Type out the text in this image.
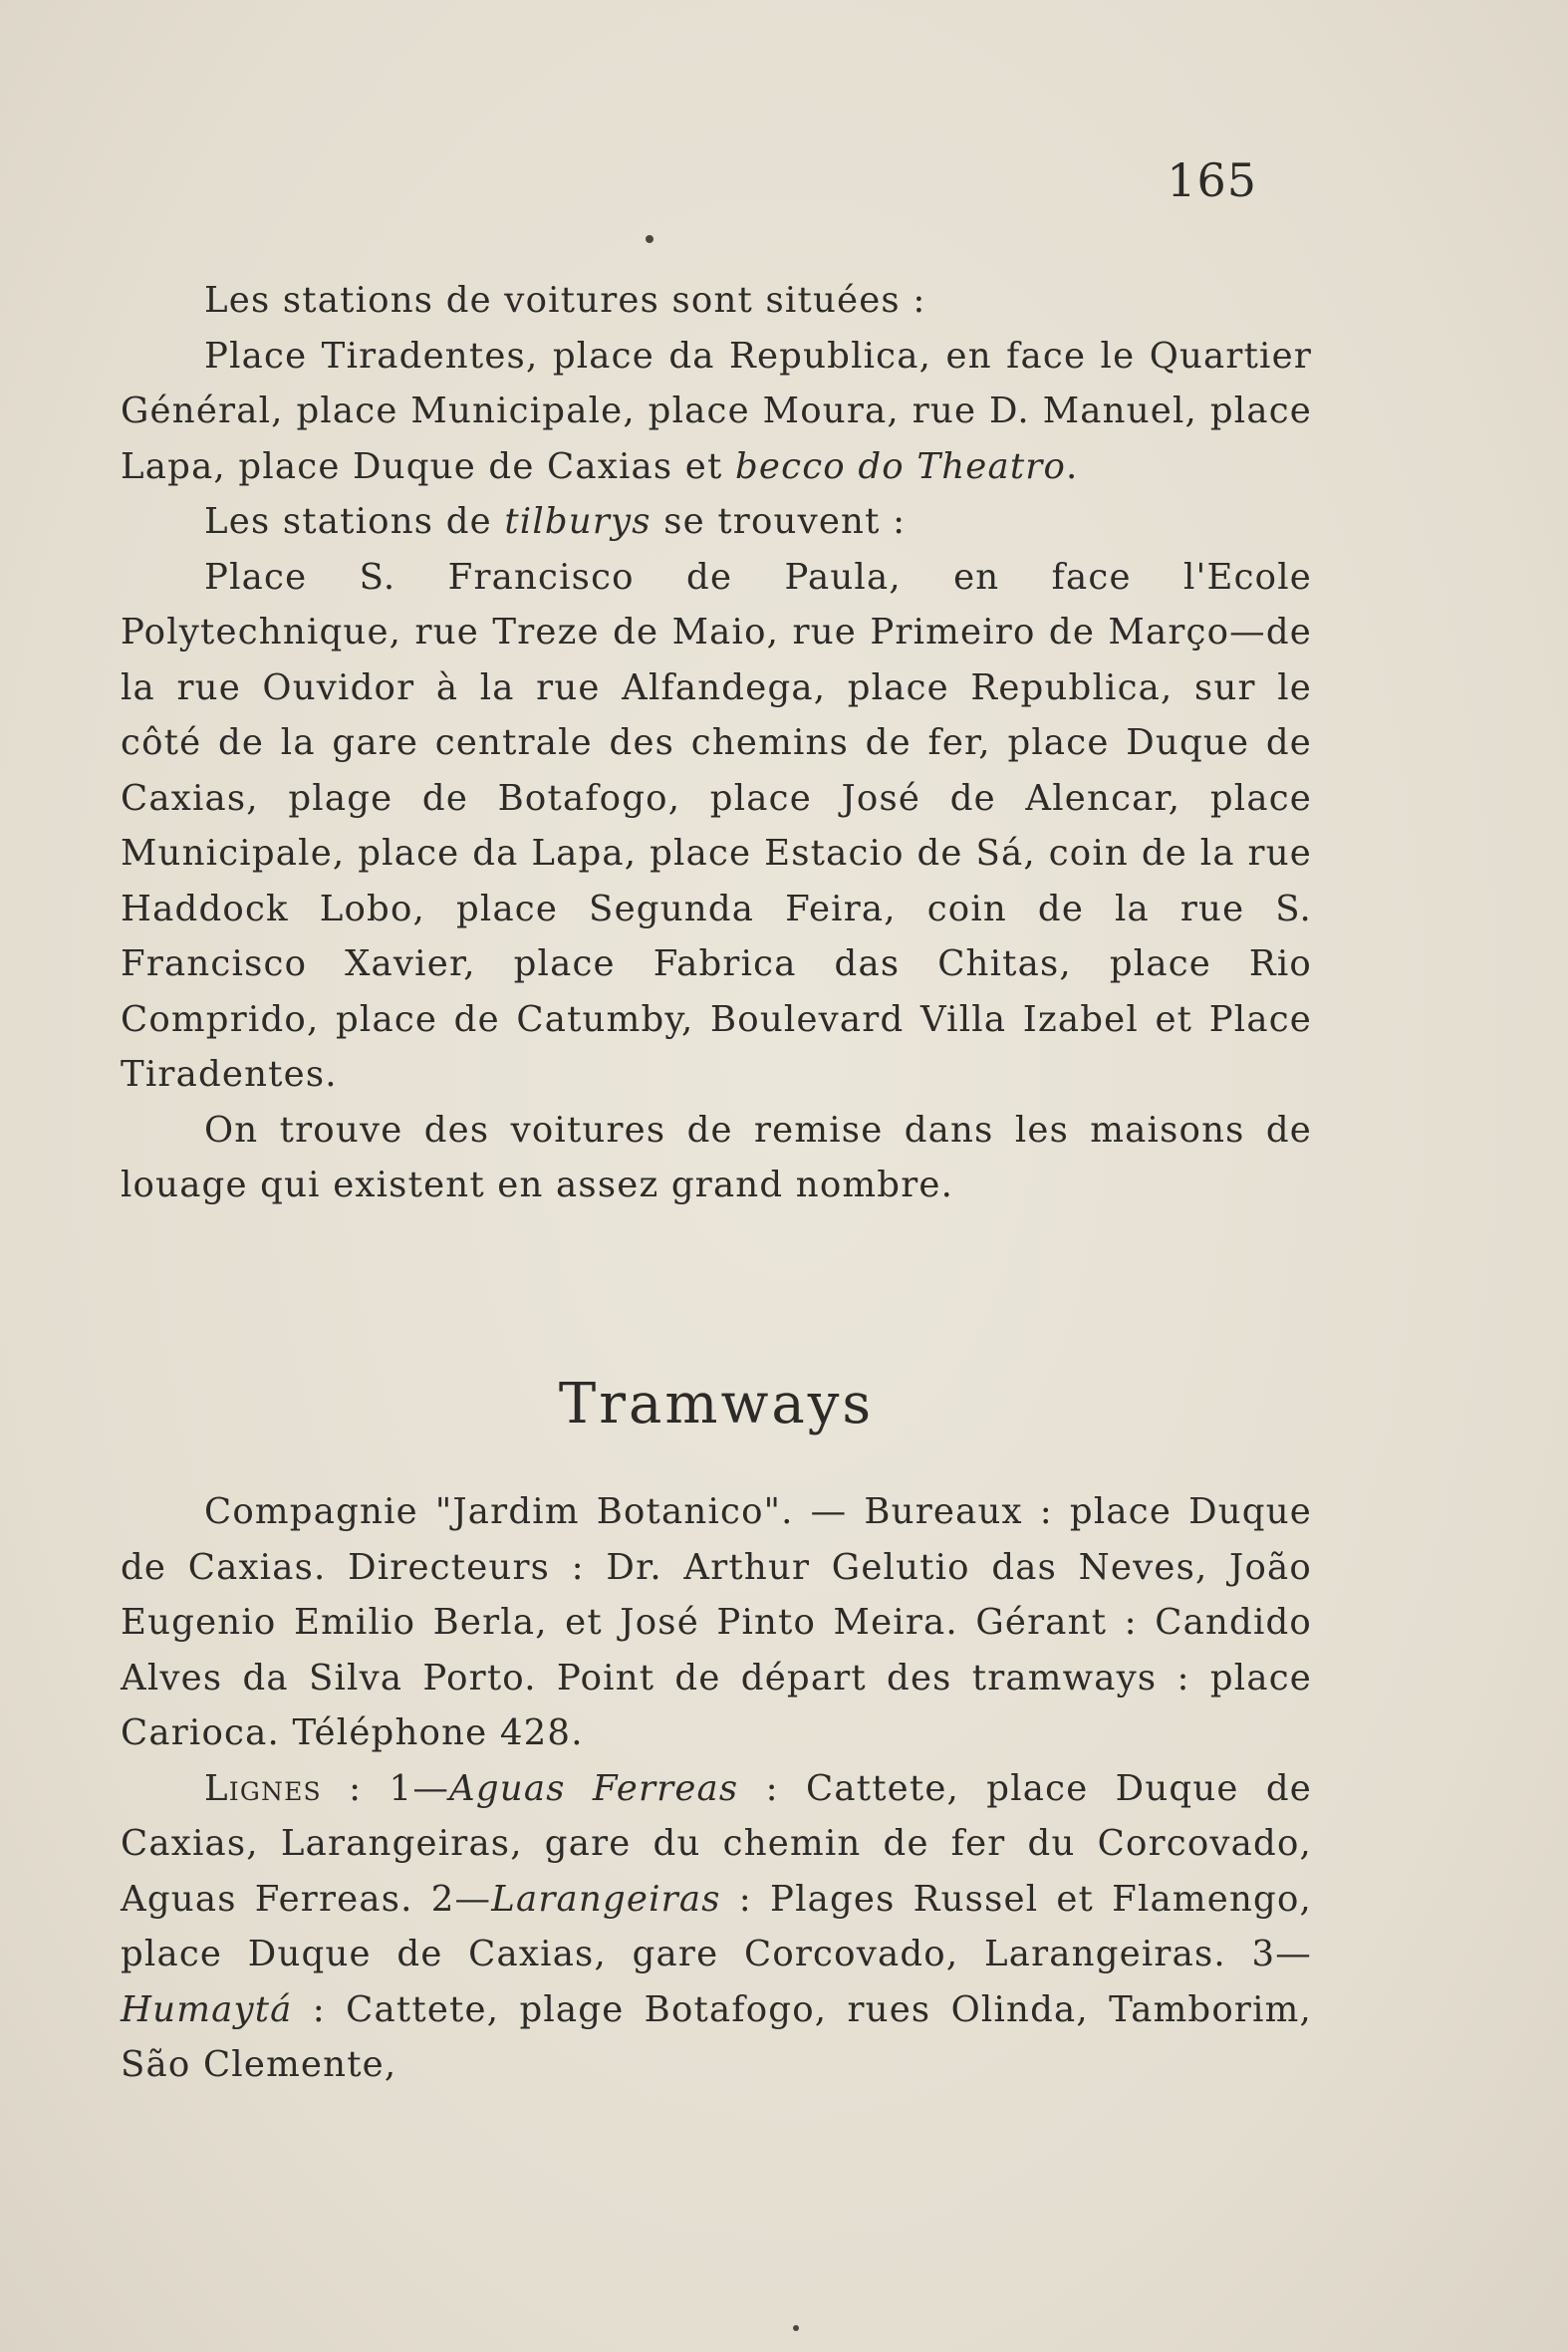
165

Les stations de voitures sont situées :

Place Tiradentes, place da Republica, en face le Quartier Général, place Municipale, place Moura, rue D. Manuel, place Lapa, place Duque de Caxias et becco do Theatro.

Les stations de tilburys se trouvent :

Place S. Francisco de Paula, en face l'Ecole Polytechnique, rue Treze de Maio, rue Primeiro de Março—de la rue Ouvidor à la rue Alfandega, place Republica, sur le côté de la gare centrale des chemins de fer, place Duque de Caxias, plage de Botafogo, place José de Alencar, place Municipale, place da Lapa, place Estacio de Sá, coin de la rue Haddock Lobo, place Segunda Feira, coin de la rue S. Francisco Xavier, place Fabrica das Chitas, place Rio Comprido, place de Catumby, Boulevard Villa Izabel et Place Tiradentes.

On trouve des voitures de remise dans les maisons de louage qui existent en assez grand nombre.

Tramways

Compagnie "Jardim Botanico". — Bureaux : place Duque de Caxias. Directeurs : Dr. Arthur Gelutio das Neves, João Eugenio Emilio Berla, et José Pinto Meira. Gérant : Candido Alves da Silva Porto. Point de départ des tramways : place Carioca. Téléphone 428.

Lignes : 1—Aguas Ferreas : Cattete, place Duque de Caxias, Larangeiras, gare du chemin de fer du Corcovado, Aguas Ferreas. 2—Larangeiras : Plages Russel et Flamengo, place Duque de Caxias, gare Corcovado, Larangeiras. 3—Humaytá : Cattete, plage Botafogo, rues Olinda, Tamborim, São Clemente,
